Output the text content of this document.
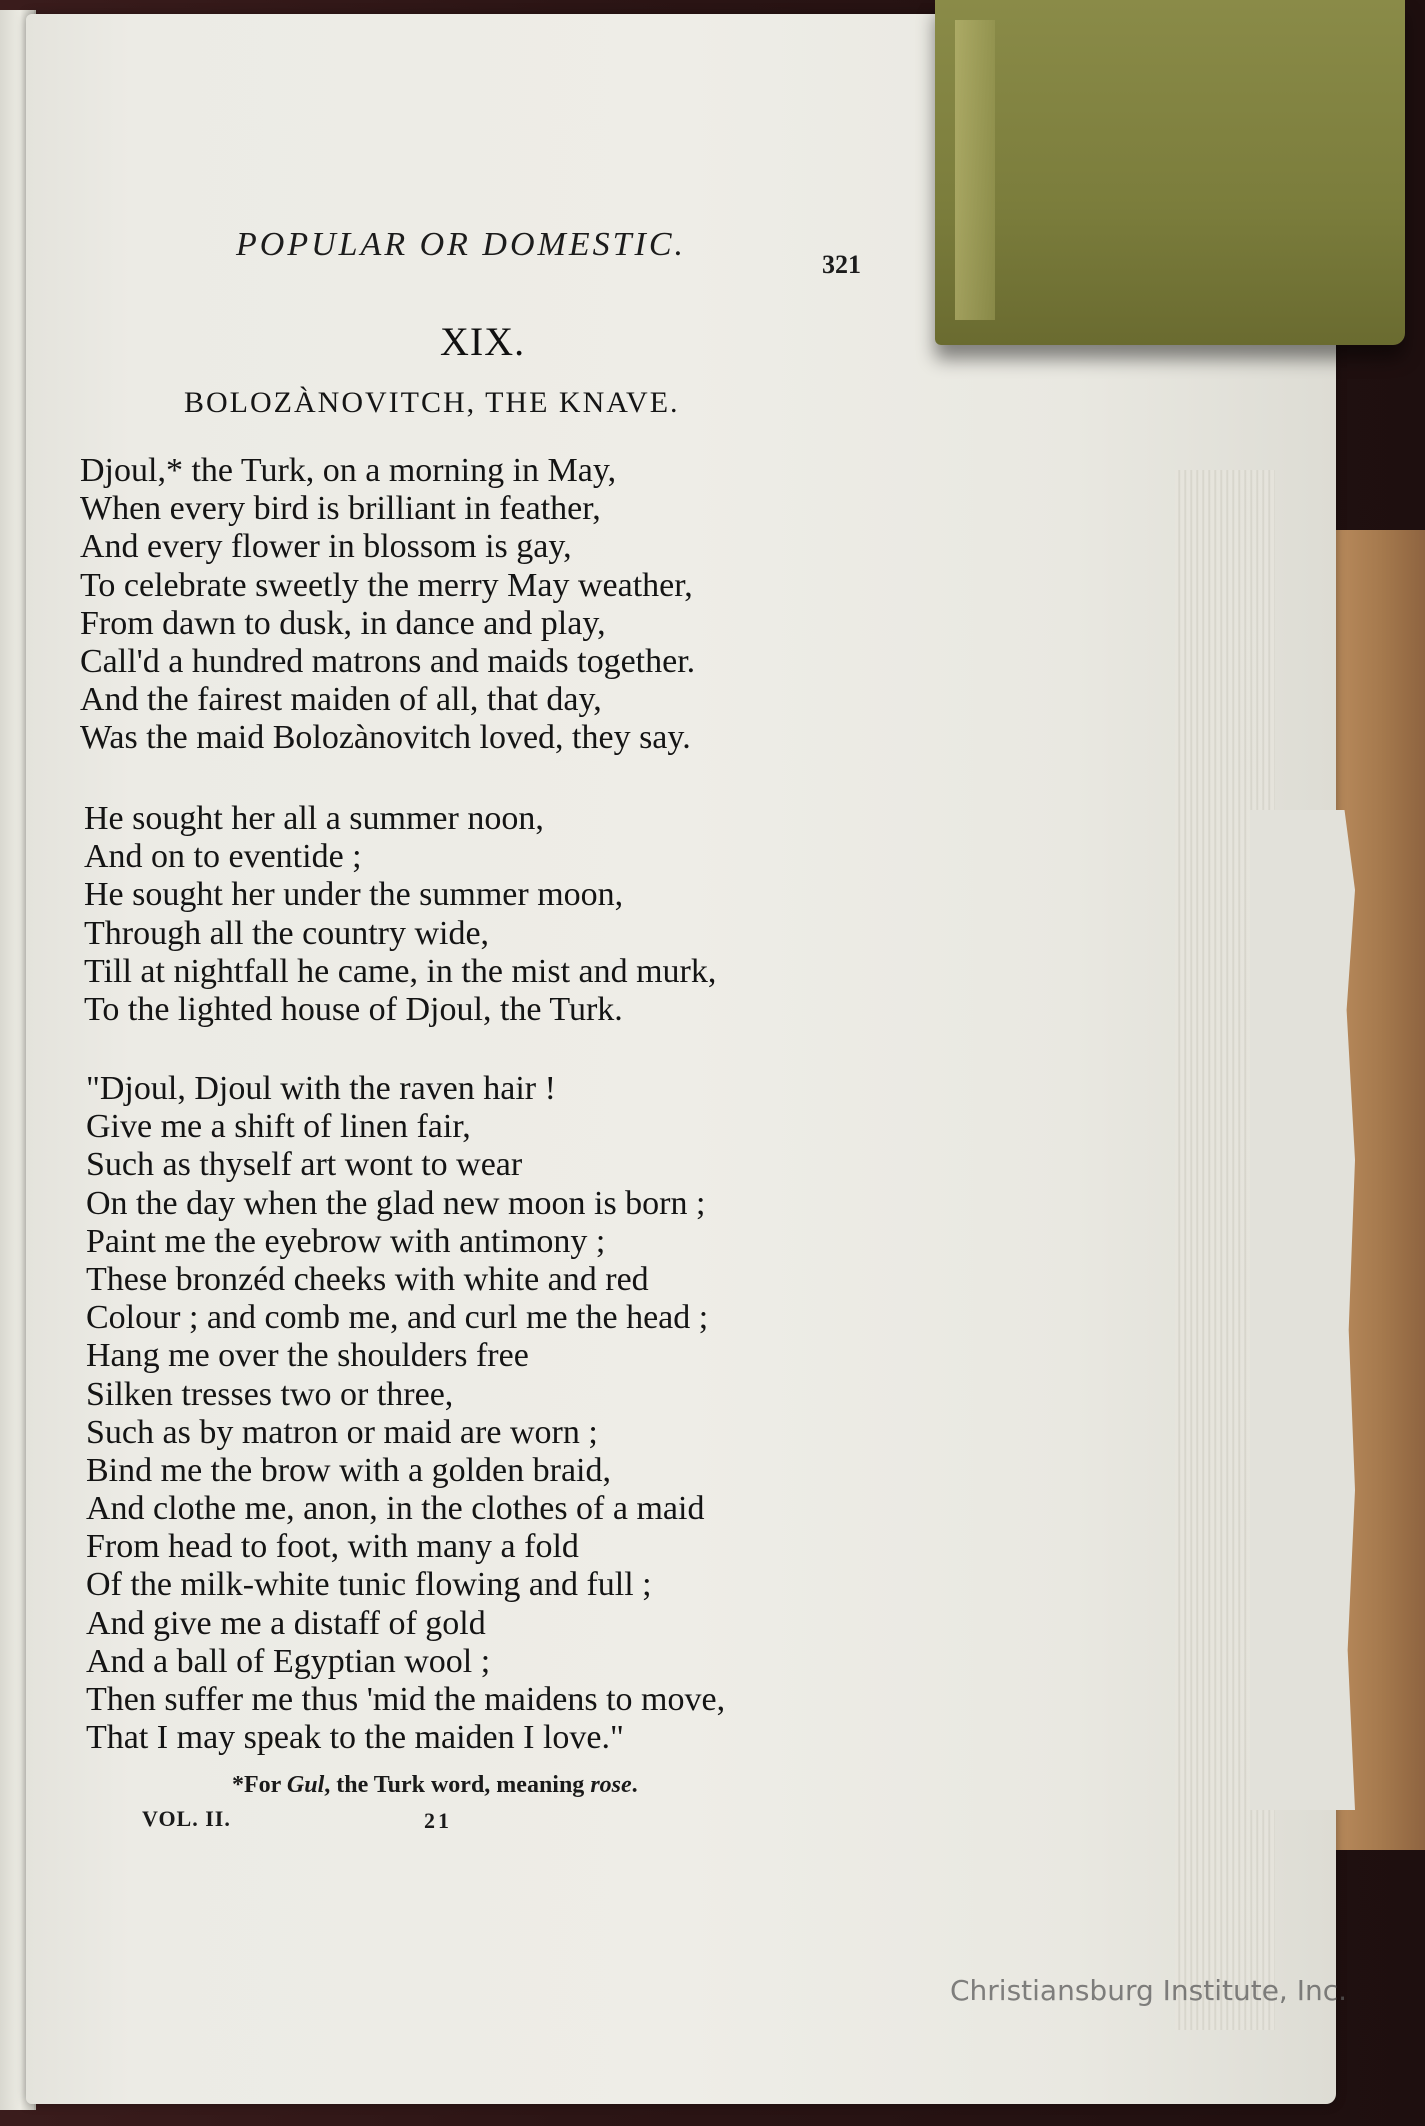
POPULAR OR DOMESTIC.
321
XIX.
BOLOZÀNOVITCH, THE KNAVE.
Djoul,* the Turk, on a morning in May,
When every bird is brilliant in feather,
And every flower in blossom is gay,
To celebrate sweetly the merry May weather,
From dawn to dusk, in dance and play,
Call'd a hundred matrons and maids together.
And the fairest maiden of all, that day,
Was the maid Bolozànovitch loved, they say.
He sought her all a summer noon,
And on to eventide ;
He sought her under the summer moon,
Through all the country wide,
Till at nightfall he came, in the mist and murk,
To the lighted house of Djoul, the Turk.
"Djoul, Djoul with the raven hair !
Give me a shift of linen fair,
Such as thyself art wont to wear
On the day when the glad new moon is born ;
Paint me the eyebrow with antimony ;
These bronzéd cheeks with white and red
Colour ; and comb me, and curl me the head ;
Hang me over the shoulders free
Silken tresses two or three,
Such as by matron or maid are worn ;
Bind me the brow with a golden braid,
And clothe me, anon, in the clothes of a maid
From head to foot, with many a fold
Of the milk-white tunic flowing and full ;
And give me a distaff of gold
And a ball of Egyptian wool ;
Then suffer me thus 'mid the maidens to move,
That I may speak to the maiden I love."
*For Gul, the Turk word, meaning rose.
VOL. II.	21
Christiansburg Institute, Inc.
